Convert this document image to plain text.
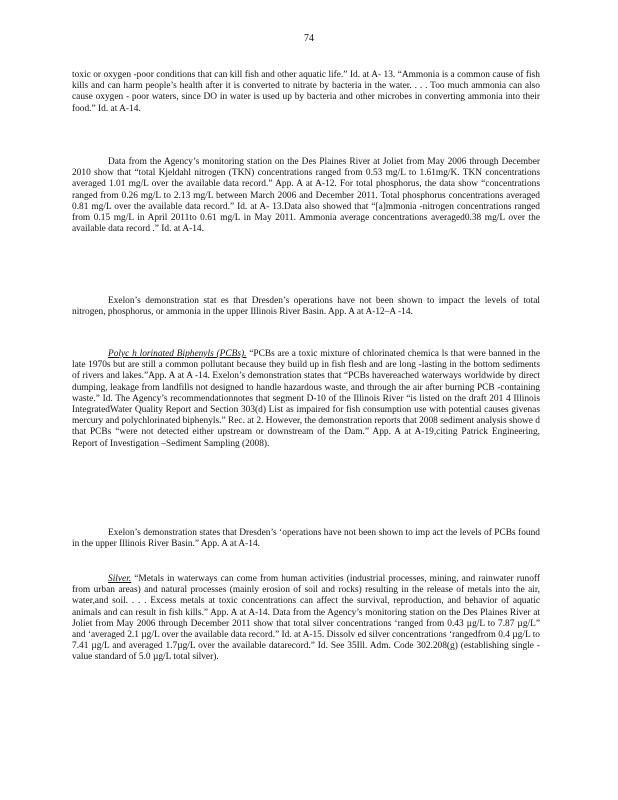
74

toxic or oxygen -poor conditions that can kill fish and other aquatic life.” Id. at A- 13. “Ammonia is a common cause of fish kills and can harm people’s health after it is converted to nitrate by bacteria in the water. . . . Too much ammonia can also cause oxygen - poor waters, since DO in water is used up by bacteria and other microbes in converting ammonia into their food.” Id. at A-14.

Data from the Agency’s monitoring station on the Des Plaines River at Joliet from May 2006 through December 2010 show that “total Kjeldahl nitrogen (TKN) concentrations ranged from 0.53 mg/L to 1.61mg/K. TKN concentrations averaged 1.01 mg/L over the available data record.” App. A at A-12. For total phosphorus, the data show “concentrations ranged from 0.26 mg/L to 2.13 mg/L between March 2006 and December 2011. Total phosphorus concentrations averaged 0.81 mg/L over the available data record.” Id. at A- 13.Data also showed that “[a]mmonia -nitrogen concentrations ranged from 0.15 mg/L in April 2011to 0.61 mg/L in May 2011. Ammonia average concentrations averaged0.38 mg/L over the available data record .” Id. at A-14.

Exelon’s demonstration stat es that Dresden’s operations have not been shown to impact the levels of total nitrogen, phosphorus, or ammonia in the upper Illinois River Basin. App. A at A-12–A -14.

Polyc h lorinated Biphenyls (PCBs). “PCBs are a toxic mixture of chlorinated chemica ls that were banned in the late 1970s but are still a common pollutant because they build up in fish flesh and are long -lasting in the bottom sediments of rivers and lakes.”App. A at A -14. Exelon’s demonstration states that “PCBs havereached waterways worldwide by direct dumping, leakage from landfills not designed to handle hazardous waste, and through the air after burning PCB -containing waste.” Id. The Agency’s recommendationnotes that segment D-10 of the Illinois River “is listed on the draft 201 4 Illinois IntegratedWater Quality Report and Section 303(d) List as impaired for fish consumption use with potential causes givenas mercury and polychlorinated biphenyls.” Rec. at 2. However, the demonstration reports that 2008 sediment analysis showe d that PCBs “were not detected either upstream or downstream of the Dam.” App. A at A-19,citing Patrick Engineering, Report of Investigation –Sediment Sampling (2008).

Exelon’s demonstration states that Dresden’s ‘operations have not been shown to imp act the levels of PCBs found in the upper Illinois River Basin.” App. A at A-14.

Silver. “Metals in waterways can come from human activities (industrial processes, mining, and rainwater runoff from urban areas) and natural processes (mainly erosion of soil and rocks) resulting in the release of metals into the air, water,and soil. . . . Excess metals at toxic concentrations can affect the survival, reproduction, and behavior of aquatic animals and can result in fish kills.” App. A at A-14. Data from the Agency’s monitoring station on the Des Plaines River at Joliet from May 2006 through December 2011 show that total silver concentrations ‘ranged from 0.43 µg/L to 7.87 µg/L” and ‘averaged 2.1 µg/L over the available data record.” Id. at A-15. Dissolv ed silver concentrations ‘rangedfrom 0.4 µg/L to 7.41 µg/L and averaged 1.7µg/L over the available datarecord.” Id. See 35Ill. Adm. Code 302.208(g) (establishing single -value standard of 5.0 µg/L total silver).
